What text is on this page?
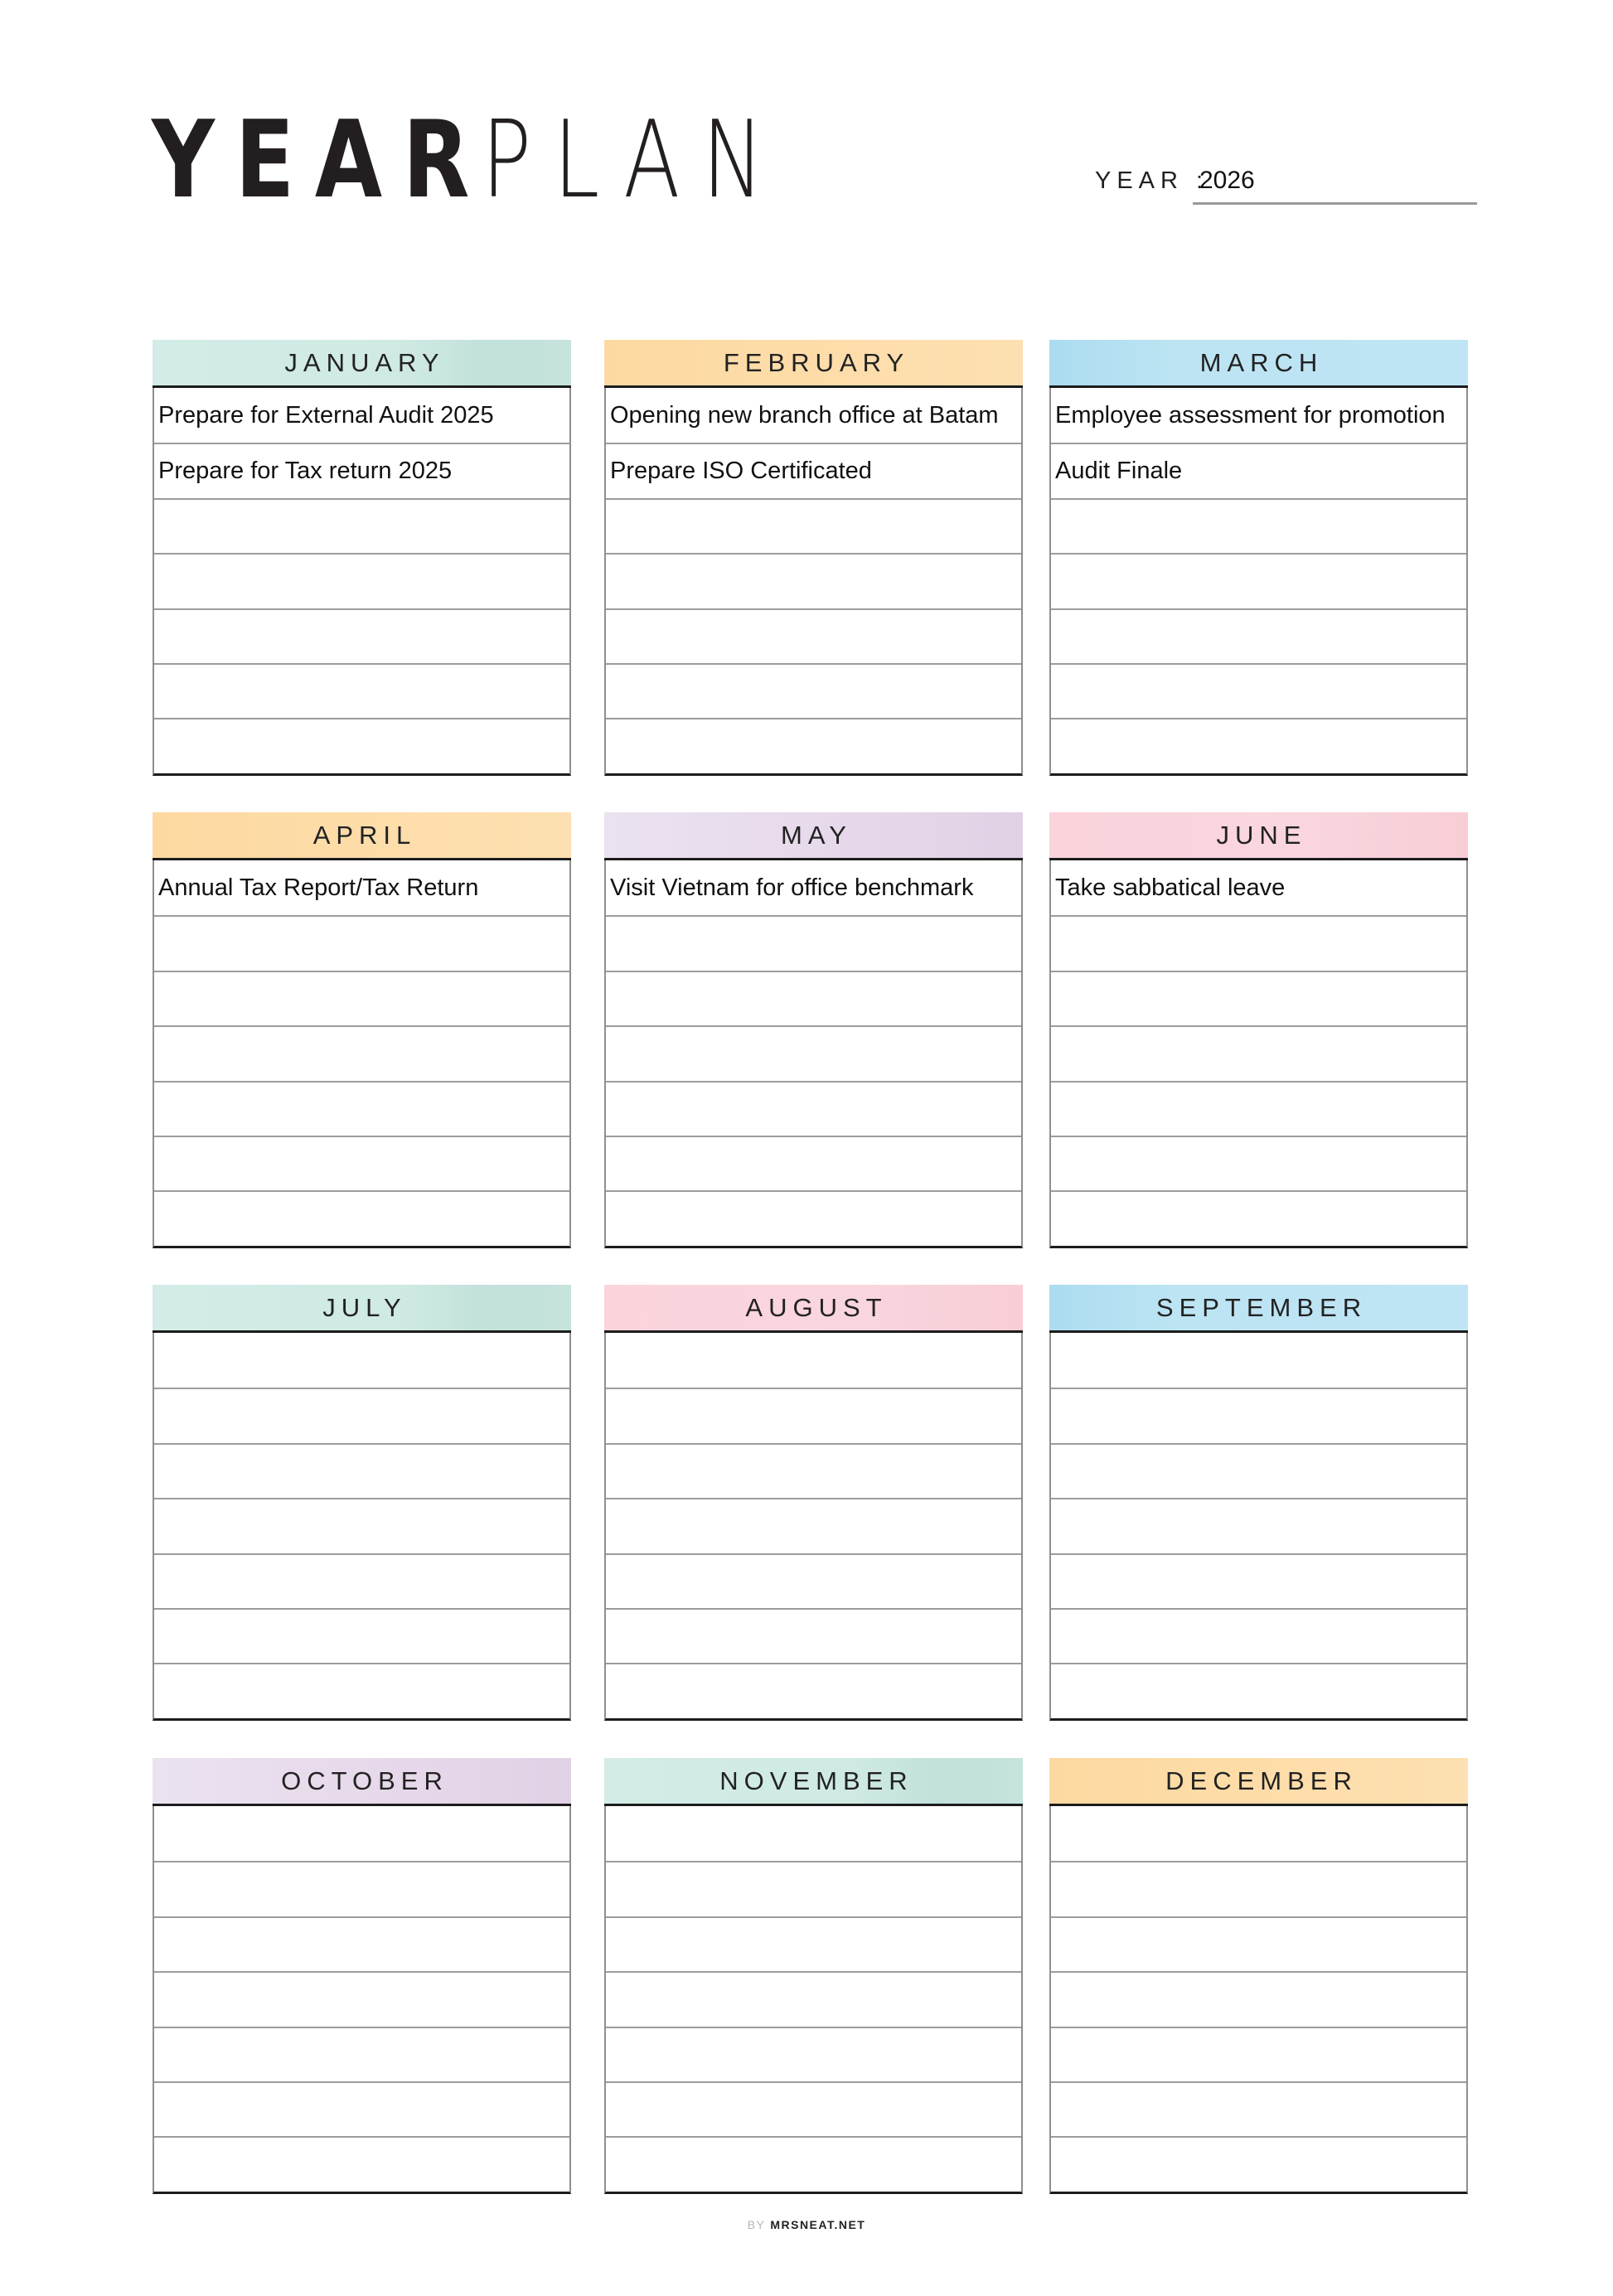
YEAR
PLAN	YEAR :
2026
JANUARY
Prepare for External Audit 2025
Prepare for Tax return 2025
FEBRUARY
Opening new branch office at Batam
Prepare ISO Certificated
MARCH
Employee assessment for promotion
Audit Finale
APRIL
Annual Tax Report/Tax Return
MAY
Visit Vietnam for office benchmark
JUNE
Take sabbatical leave
JULY	AUGUST	SEPTEMBER
OCTOBER	NOVEMBER	DECEMBER
BY MRSNEAT.NET
